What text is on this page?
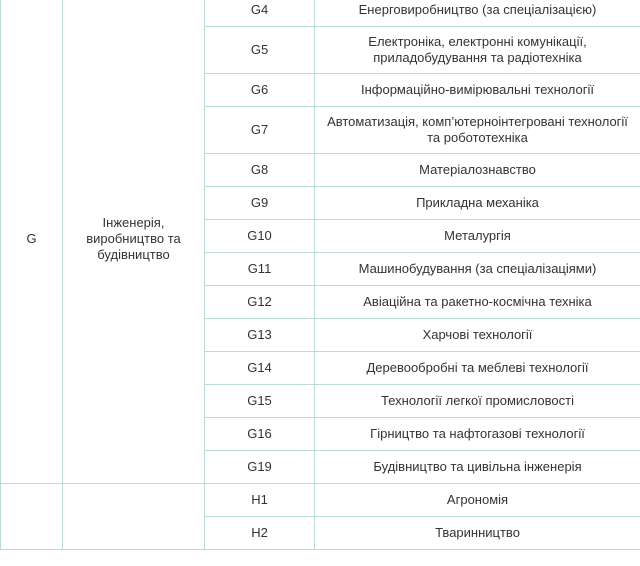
G	Інженерія, виробництво та будівництво	G4	Енерговиробництво (за спеціалізацією)
		G5	Електроніка, електронні комунікації, приладобудування та радіотехніка
		G6	Інформаційно-вимірювальні технології
		G7	Автоматизація, комп’ютерноінтегровані технології та робототехніка
		G8	Матеріалознавство
		G9	Прикладна механіка
		G10	Металургія
		G11	Машинобудування (за спеціалізаціями)
		G12	Авіаційна та ракетно-космічна техніка
		G13	Харчові технології
		G14	Деревообробні та меблеві технології
		G15	Технології легкої промисловості
		G16	Гірництво та нафтогазові технології
		G19	Будівництво та цивільна інженерія
		H1	Агрономія
		H2	Тваринництво
